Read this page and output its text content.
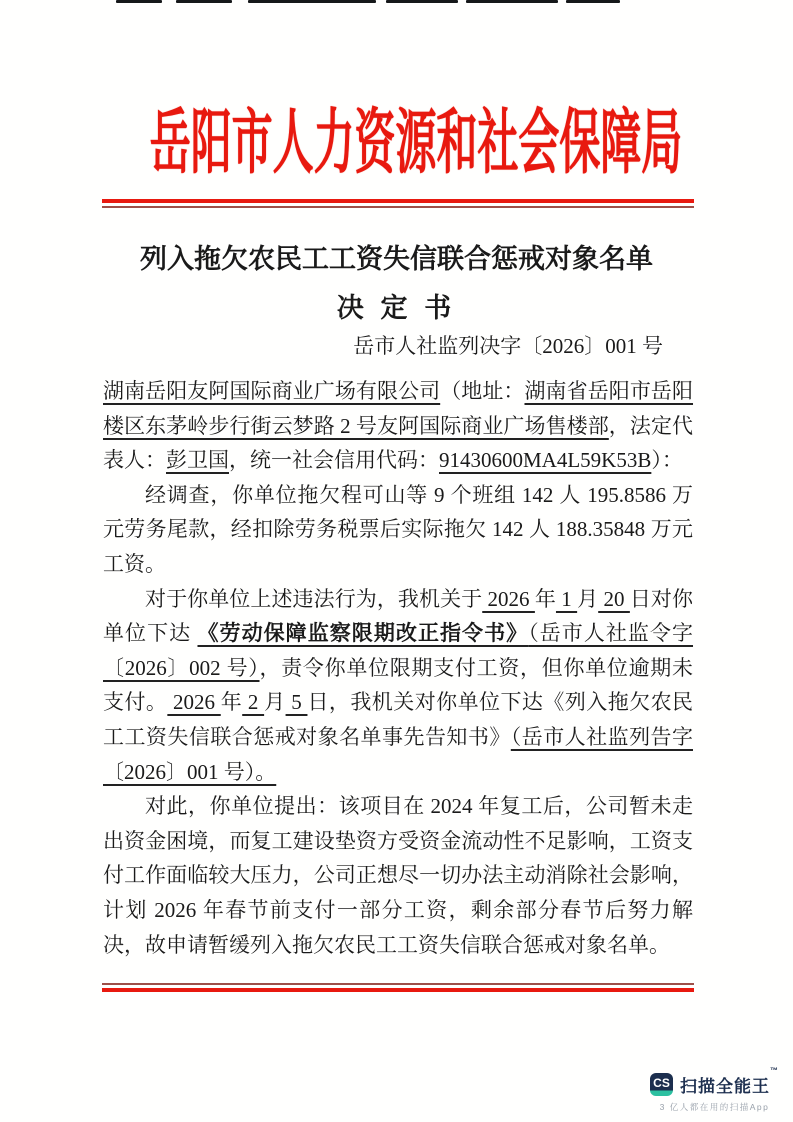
岳阳市人力资源和社会保障局
列入拖欠农民工工资失信联合惩戒对象名单
决 定 书
岳市人社监列决字〔2026〕001 号

湖南岳阳友阿国际商业广场有限公司（地址：湖南省岳阳市岳阳楼区东茅岭步行街云梦路 2 号友阿国际商业广场售楼部，法定代表人：彭卫国，统一社会信用代码：91430600MA4L59K53B）：

经调查，你单位拖欠程可山等 9 个班组 142 人 195.8586 万元劳务尾款，经扣除劳务税票后实际拖欠 142 人 188.35848 万元工资。

对于你单位上述违法行为，我机关于 2026 年 1 月 20 日对你单位下达 《劳动保障监察限期改正指令书》（岳市人社监令字〔2026〕002 号），责令你单位限期支付工资，但你单位逾期未支付。 2026 年 2 月 5 日，我机关对你单位下达《列入拖欠农民工工资失信联合惩戒对象名单事先告知书》（岳市人社监列告字〔2026〕001 号）。

对此，你单位提出：该项目在 2024 年复工后，公司暂未走出资金困境，而复工建设垫资方受资金流动性不足影响，工资支付工作面临较大压力，公司正想尽一切办法主动消除社会影响，计划 2026 年春节前支付一部分工资，剩余部分春节后努力解决，故申请暂缓列入拖欠农民工工资失信联合惩戒对象名单。

CS 扫描全能王™
3 亿人都在用的扫描App
